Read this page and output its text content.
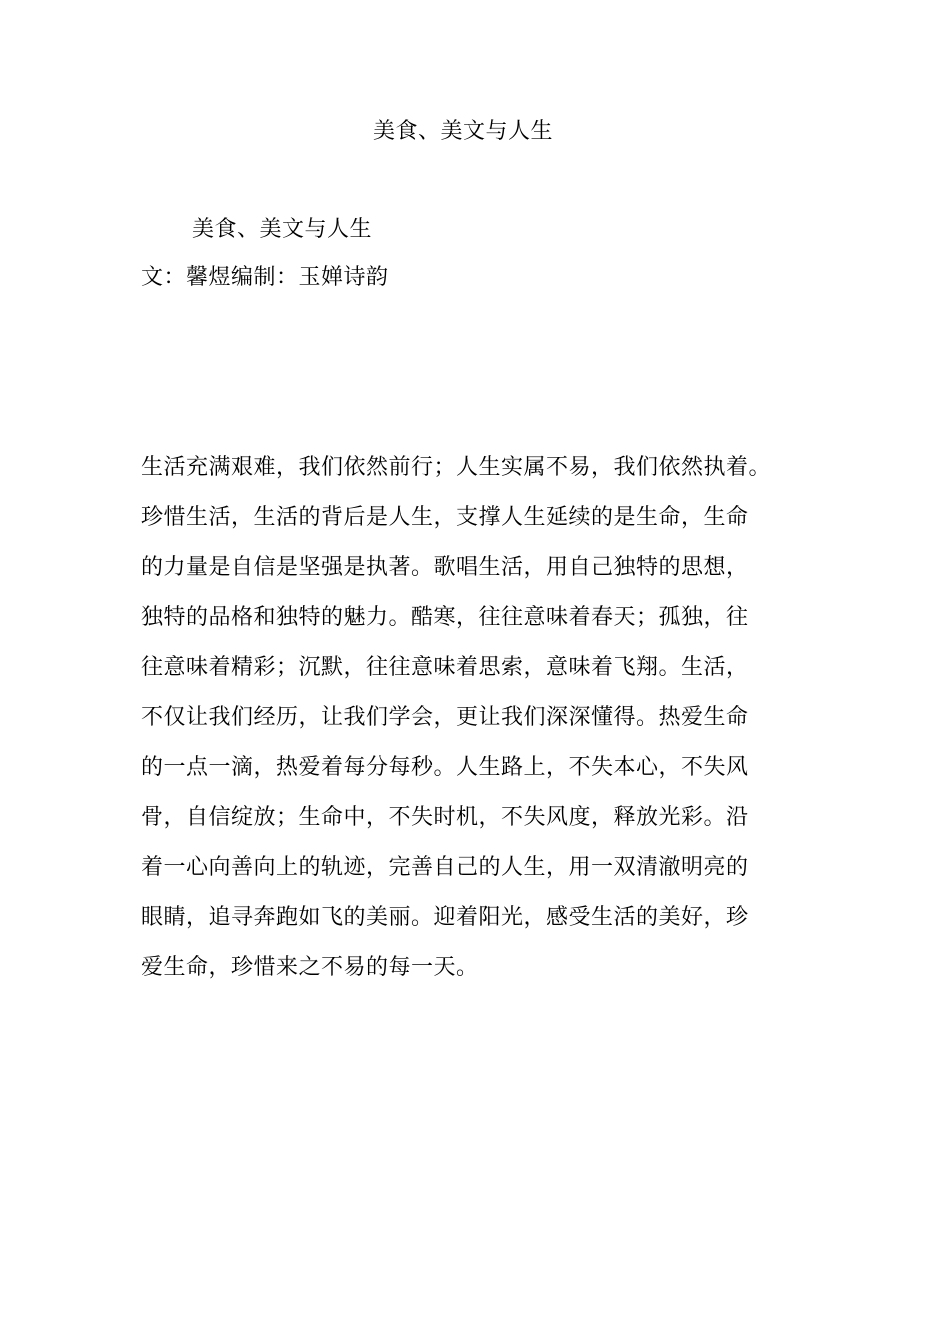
美食、美文与人生
美食、美文与人生
文：馨煜编制：玉婵诗韵
生活充满艰难，我们依然前行；人生实属不易，我们依然执着。
珍惜生活，生活的背后是人生，支撑人生延续的是生命，生命
的力量是自信是坚强是执著。歌唱生活，用自己独特的思想，
独特的品格和独特的魅力。酷寒，往往意味着春天；孤独，往
往意味着精彩；沉默，往往意味着思索，意味着飞翔。生活，
不仅让我们经历，让我们学会，更让我们深深懂得。热爱生命
的一点一滴，热爱着每分每秒。人生路上，不失本心，不失风
骨，自信绽放；生命中，不失时机，不失风度，释放光彩。沿
着一心向善向上的轨迹，完善自己的人生，用一双清澈明亮的
眼睛，追寻奔跑如飞的美丽。迎着阳光，感受生活的美好，珍
爱生命，珍惜来之不易的每一天。
